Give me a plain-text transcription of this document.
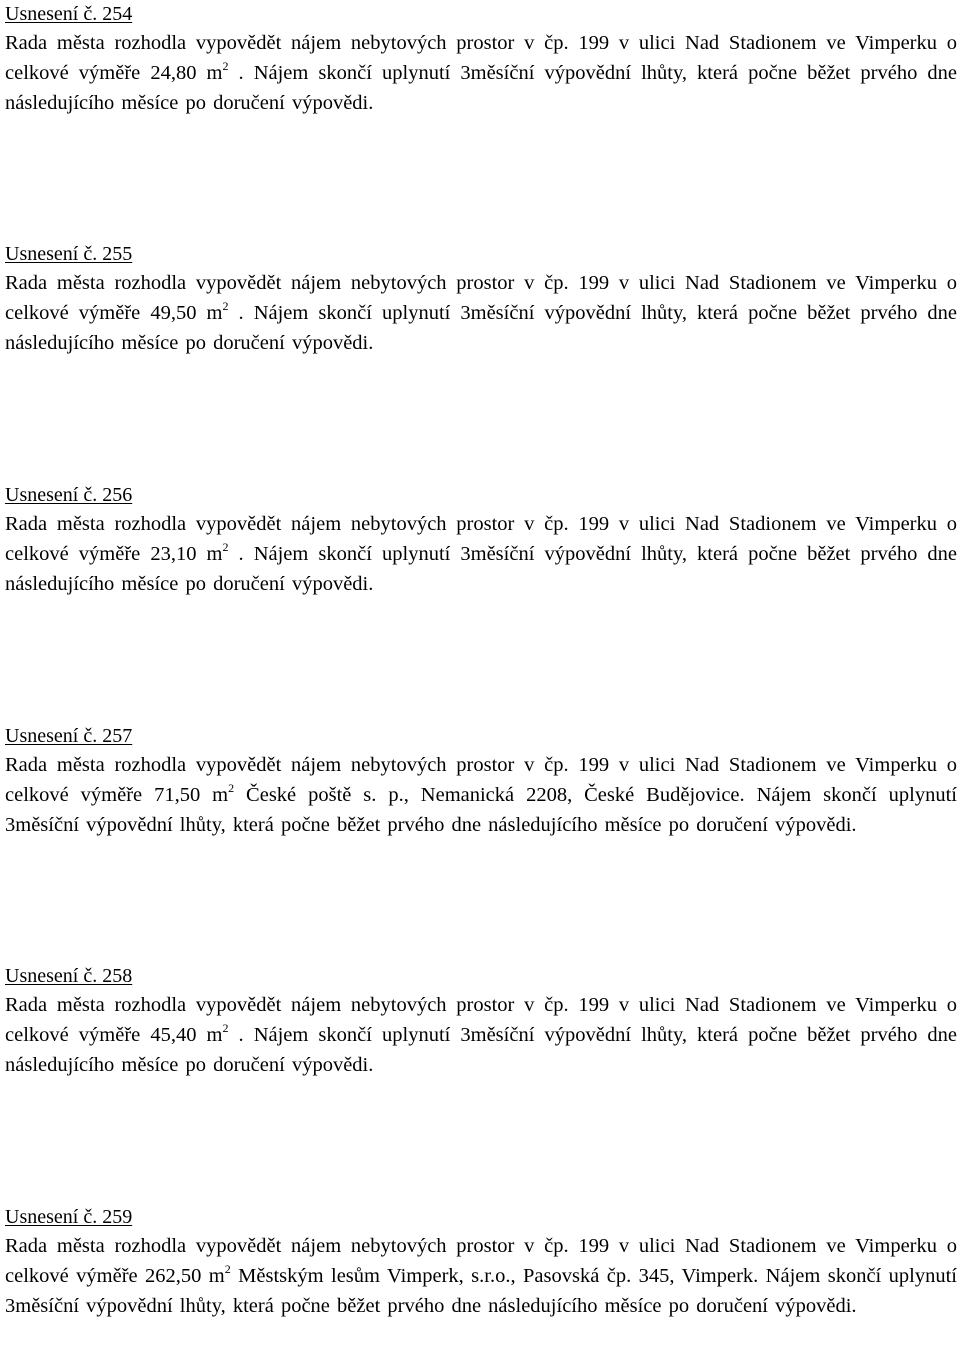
Usnesení č. 254

Rada města rozhodla vypovědět nájem nebytových prostor v čp. 199 v ulici Nad Stadionem ve Vimperku o celkové výměře 24,80 $m^2$ . Nájem skončí uplynutí 3měsíční výpovědní lhůty, která počne běžet prvého dne následujícího měsíce po doručení výpovědi.

Usnesení č. 255

Rada města rozhodla vypovědět nájem nebytových prostor v čp. 199 v ulici Nad Stadionem ve Vimperku o celkové výměře 49,50 $m^2$ . Nájem skončí uplynutí 3měsíční výpovědní lhůty, která počne běžet prvého dne následujícího měsíce po doručení výpovědi.

Usnesení č. 256

Rada města rozhodla vypovědět nájem nebytových prostor v čp. 199 v ulici Nad Stadionem ve Vimperku o celkové výměře 23,10 $m^2$ . Nájem skončí uplynutí 3měsíční výpovědní lhůty, která počne běžet prvého dne následujícího měsíce po doručení výpovědi.

Usnesení č. 257

Rada města rozhodla vypovědět nájem nebytových prostor v čp. 199 v ulici Nad Stadionem ve Vimperku o celkové výměře 71,50 $m^2$ České poště s. p., Nemanická 2208, České Budějovice. Nájem skončí uplynutí 3měsíční výpovědní lhůty, která počne běžet prvého dne následujícího měsíce po doručení výpovědi.

Usnesení č. 258

Rada města rozhodla vypovědět nájem nebytových prostor v čp. 199 v ulici Nad Stadionem ve Vimperku o celkové výměře 45,40 $m^2$ . Nájem skončí uplynutí 3měsíční výpovědní lhůty, která počne běžet prvého dne následujícího měsíce po doručení výpovědi.

Usnesení č. 259

Rada města rozhodla vypovědět nájem nebytových prostor v čp. 199 v ulici Nad Stadionem ve Vimperku o celkové výměře 262,50 $m^2$ Městským lesům Vimperk, s.r.o., Pasovská čp. 345, Vimperk. Nájem skončí uplynutí 3měsíční výpovědní lhůty, která počne běžet prvého dne následujícího měsíce po doručení výpovědi.
